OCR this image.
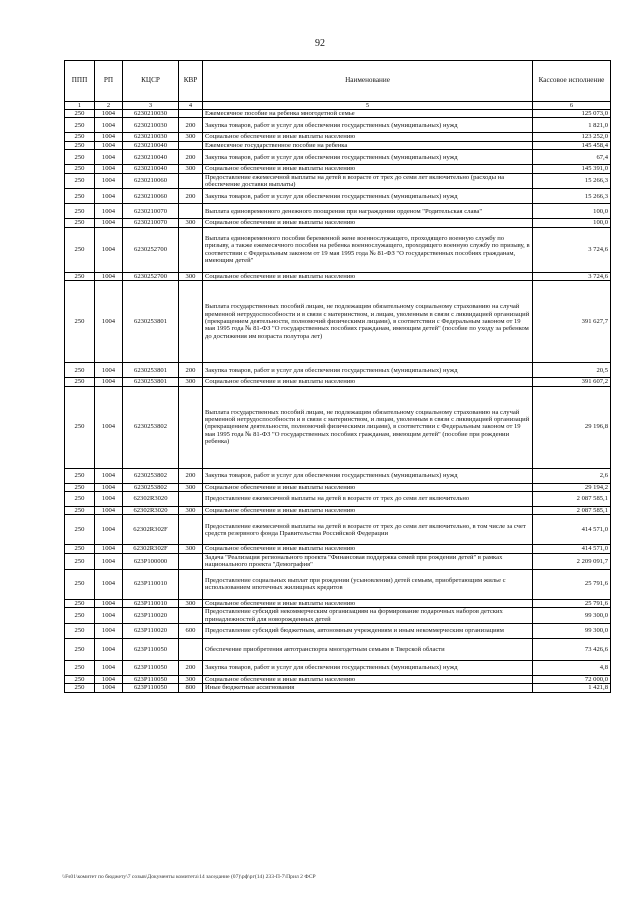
92
ППП	РП	КЦСР	КВР	Наименование	Кассовое исполнение
1	2	3	4	5	6
250	1004	6230210030		Ежемесячное пособие на ребенка многодетной семье	125 073,0
250	1004	6230210030	200	Закупка товаров, работ и услуг для обеспечения государственных (муниципальных) нужд	1 821,0
250	1004	6230210030	300	Социальное обеспечение и иные выплаты населению	123 252,0
250	1004	6230210040		Ежемесячное государственное пособие на ребенка	145 458,4
250	1004	6230210040	200	Закупка товаров, работ и услуг для обеспечения государственных (муниципальных) нужд	67,4
250	1004	6230210040	300	Социальное обеспечение и иные выплаты населению	145 391,0
250	1004	6230210060		Предоставление ежемесячной выплаты на детей в возрасте от трех до семи лет включительно (расходы на обеспечение доставки выплаты)	15 266,3
250	1004	6230210060	200	Закупка товаров, работ и услуг для обеспечения государственных (муниципальных) нужд	15 266,3
250	1004	6230210070		Выплата единовременного денежного поощрения при награждении орденом "Родительская слава"	100,0
250	1004	6230210070	300	Социальное обеспечение и иные выплаты населению	100,0
250	1004	6230252700		Выплата единовременного пособия беременной жене военнослужащего, проходящего военную службу по призыву, а также ежемесячного пособия на ребенка военнослужащего, проходящего военную службу по призыву, в соответствии с Федеральным законом от 19 мая 1995 года № 81-ФЗ "О государственных пособиях гражданам, имеющим детей"	3 724,6
250	1004	6230252700	300	Социальное обеспечение и иные выплаты населению	3 724,6
250	1004	6230253801		Выплата государственных пособий лицам, не подлежащим обязательному социальному страхованию на случай временной нетрудоспособности и в связи с материнством, и лицам, уволенным в связи с ликвидацией организаций (прекращением деятельности, полномочий физическими лицами), в соответствии с Федеральным законом от 19 мая 1995 года № 81-ФЗ "О государственных пособиях гражданам, имеющим детей" (пособие по уходу за ребенком до достижения им возраста полутора лет)	391 627,7
250	1004	6230253801	200	Закупка товаров, работ и услуг для обеспечения государственных (муниципальных) нужд	20,5
250	1004	6230253801	300	Социальное обеспечение и иные выплаты населению	391 607,2
250	1004	6230253802		Выплата государственных пособий лицам, не подлежащим обязательному социальному страхованию на случай временной нетрудоспособности и в связи с материнством, и лицам, уволенным в связи с ликвидацией организаций (прекращением деятельности, полномочий физическими лицами), в соответствии с Федеральным законом от 19 мая 1995 года № 81-ФЗ "О государственных пособиях гражданам, имеющим детей" (пособие при рождении ребенка)	29 196,8
250	1004	6230253802	200	Закупка товаров, работ и услуг для обеспечения государственных (муниципальных) нужд	2,6
250	1004	6230253802	300	Социальное обеспечение и иные выплаты населению	29 194,2
250	1004	62302R3020		Предоставление ежемесячной выплаты на детей в возрасте от трех до семи лет включительно	2 087 585,1
250	1004	62302R3020	300	Социальное обеспечение и иные выплаты населению	2 087 585,1
250	1004	62302R302F		Предоставление ежемесячной выплаты на детей в возрасте от трех до семи лет включительно, в том числе за счет средств резервного фонда Правительства Российской Федерации	414 571,0
250	1004	62302R302F	300	Социальное обеспечение и иные выплаты населению	414 571,0
250	1004	623P100000		Задача "Реализация регионального проекта "Финансовая поддержка семей при рождении детей" в рамках национального проекта "Демография"	2 209 091,7
250	1004	623P110010		Предоставление социальных выплат при рождении (усыновлении) детей семьям, приобретающим жилье с использованием ипотечных жилищных кредитов	25 791,6
250	1004	623P110010	300	Социальное обеспечение и иные выплаты населению	25 791,6
250	1004	623P110020		Предоставление субсидий некоммерческим организациям на формирование подарочных наборов детских принадлежностей для новорожденных детей	99 300,0
250	1004	623P110020	600	Предоставление субсидий бюджетным, автономным учреждениям и иным некоммерческим организациям	99 300,0
250	1004	623P110050		Обеспечение приобретения автотранспорта многодетным семьям в Тверской области	73 426,6
250	1004	623P110050	200	Закупка товаров, работ и услуг для обеспечения государственных (муниципальных) нужд	4,8
250	1004	623P110050	300	Социальное обеспечение и иные выплаты населению	72 000,0
250	1004	623P110050	800	Иные бюджетные ассигнования	1 421,8
\\Fs01\комитет по бюджету\7 созыв\Документы комитета\14 заседание (07)\рф\рг(14) 233-П-7\Прил 2 ФСР
